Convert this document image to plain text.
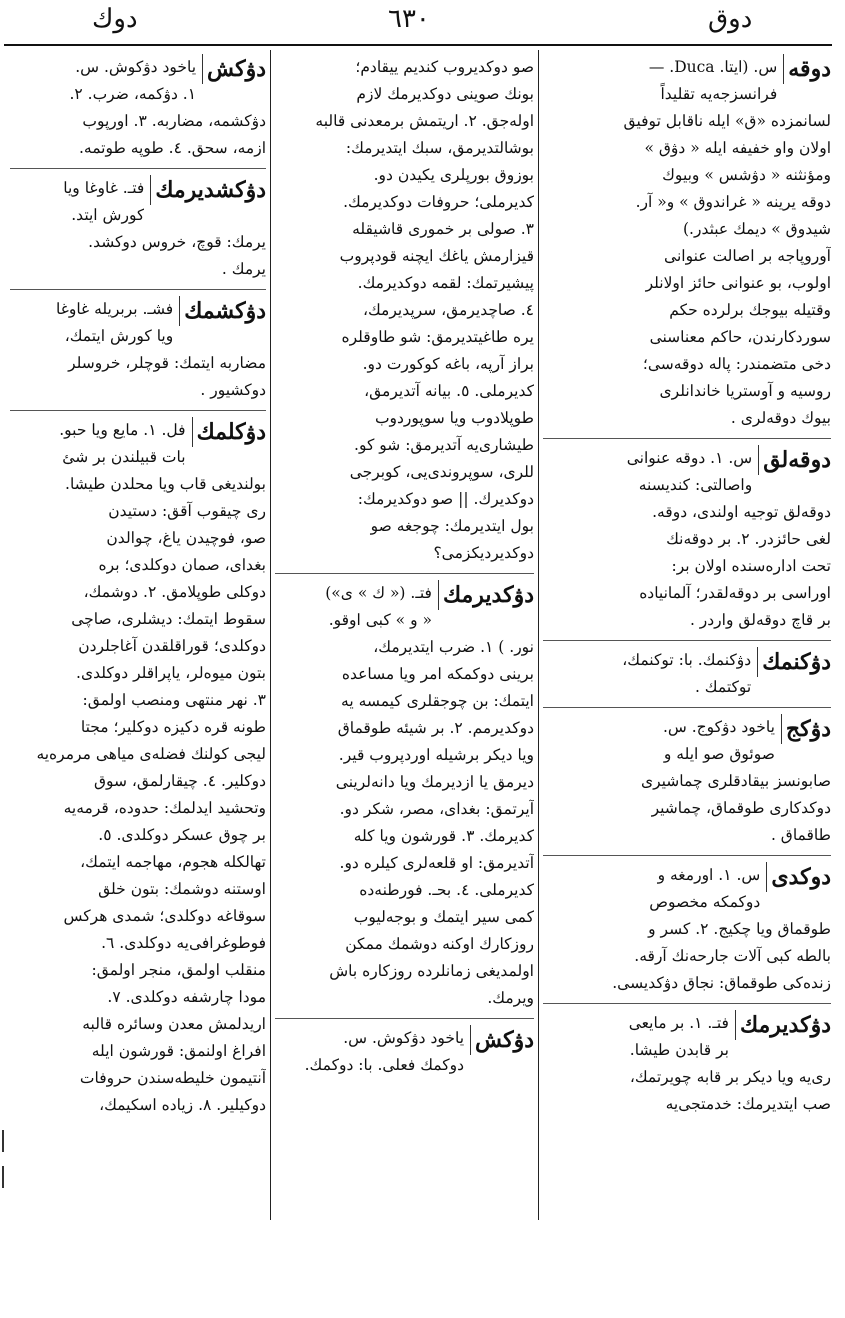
دوك	٦٣٠	دوق
دوقه
س. (ايتا. Duca. —
فرانسزجه‌يه تقليداً
لسانمزده «ق» ايله ناقابل توفيق
اولان واو خفيفه ايله « دۋق »
ومؤنثنه « دۋشس » وبيوك
دوقه يرينه « غراندوق » و« آر.
شيدوق » ديمك عبثدر.)
آوروپاجه بر اصالت عنوانى
اولوب، بو عنوانى حائز اولانلر
وقتيله بيوجك برلرده حكم
سوردكارندن، حاكم معناسنى
دخى متضمندر: پاله دوقه‌سى؛
روسيه و آوستريا خاندانلرى
بيوك دوقه‌لرى .
دوقه‌لق
س. ١. دوقه عنوانى
واصالتى: كنديسنه
دوقه‌لق توجيه اولندى، دوقه.
لغى حائزدر. ٢. بر دوقه‌نك
تحت اداره‌سنده اولان بر:
اوراسى بر دوقه‌لقدر؛ آلمانياده
بر قاچ دوقه‌لق واردر .
دۋكنمك
دۋكنمك. با: توكنمك،
توكتمك .
دۋكج
ياخود دۋكوج. س.
صوئوق صو ايله و
صابونسز بيقادقلرى چماشيرى
دوكدكارى طوقماق، چماشير
طاقماق .
دوكدى
س. ١. اورمغه و
دوكمكه مخصوص
طوقماق ويا چكيج. ٢. كسر و
بالطه كبى آلات جارحه‌نك آرقه.
زنده‌كى طوقماق: نجاق دۋكديسى.
دۋكديرمك
فتـ. ١. بر مايعى
بر قابدن طيشا.
رى‌يه ويا ديكر بر قابه چويرتمك،
صب ايتديرمك: خدمتجى‌يه
صو دوكديروب كنديم ييقادم؛
بونك صوينى دوكديرمك لازم
اوله‌جق. ٢. اريتمش برمعدنى قالبه
بوشالتديرمق، سبك ايتديرمك:
بوزوق بورپلرى يكيدن دو.
كديرملى؛ حروفات دوكديرمك.
٣. صولى بر خمورى قاشيقله
قيزارمش ياغك ايچنه قودپروب
پيشيرتمك: لقمه دوكديرمك.
٤. صاچديرمق، سرپديرمك،
يره طاغيتديرمق: شو طاوقلره
براز آرپه، باغه كوكورت دو.
كديرملى. ٥. بيانه آتديرمق،
طوپلادوب ويا سوپوردوب
طيشارى‌يه آتديرمق: شو كو.
للرى، سوپروندى‌يى، كوبرجى
دوكديرك. || صو دوكديرمك:
بول ايتديرمك: چوجغه صو
دوكديرديكزمى؟
دۋكديرمك
فتـ. (« ك » ى»)
« و » كبى اوقو.
نور. ) ١. ضرب ايتديرمك،
برينى دوكمكه امر ويا مساعده
ايتمك: بن چوجقلرى كيمسه يه
دوكديرمم. ٢. بر شيئه طوقماق
ويا ديكر برشيله اوردپروب قير.
ديرمق يا ازديرمك ويا دانه‌لرينى
آيرتمق: بغداى، مصر، شكر دو.
كديرمك. ٣. قورشون ويا كله
آتديرمق: او قلعه‌لرى كيلره دو.
كديرملى. ٤. بحـ. فورطنه‌ده
كمى سير ايتمك و بوجه‌ليوب
روزكارك اوكنه دوشمك ممكن
اولمديغى زمانلرده روزكاره باش
ويرمك.
دۋكش
ياخود دۋكوش. س.
دوكمك فعلى. با: دوكمك.
دۋكش
ياخود دۋكوش. س.
١. دۋكمه، ضرب. ٢.
دۋكشمه، مضاربه. ٣. اورپوب
ازمه، سحق. ٤. طوپه طوتمه.
دۋكشديرمك
فتـ. غاوغا ويا
كورش ايتد.
يرمك: قوچ، خروس دوكشد.
يرمك .
دۋكشمك
فشـ. بربريله غاوغا
ويا كورش ايتمك،
مضاربه ايتمك: قوچلر، خروسلر
دوكشيور .
دۋكلمك
فل. ١. مايع ويا حبو.
بات قبيلندن بر شئ
بولنديغى قاب ويا محلدن طيشا.
رى چيقوب آقق: دستيدن
صو، فوچيدن ياغ، چوالدن
بغداى، صمان دوكلدى؛ بره
دوكلى طوپلامق. ٢. دوشمك،
سقوط ايتمك: ديشلرى، صاچى
دوكلدى؛ قوراقلقدن آغاجلردن
بتون ميوه‌لر، ياپراقلر دوكلدى.
٣. نهر منتهى ومنصب اولمق:
طونه قره دكيزه دوكلير؛ مجتا
ليجى كولنك فضله‌ى مياهى مرمره‌يه
دوكلير. ٤. چيقارلمق، سوق
وتحشيد ايدلمك: حدوده، قرمه‌يه
بر چوق عسكر دوكلدى. ٥.
تهالكله هجوم، مهاجمه ايتمك،
اوستنه دوشمك: بتون خلق
سوقاغه دوكلدى؛ شمدى هركس
فوطوغرافى‌يه دوكلدى. ٦.
منقلب اولمق، منجر اولمق:
مودا چارشفه دوكلدى. ٧.
اريدلمش معدن وسائره قالبه
افراغ اولنمق: قورشون ايله
آنتيمون خليطه‌سندن حروفات
دوكيلير. ٨. زياده اسكيمك،
